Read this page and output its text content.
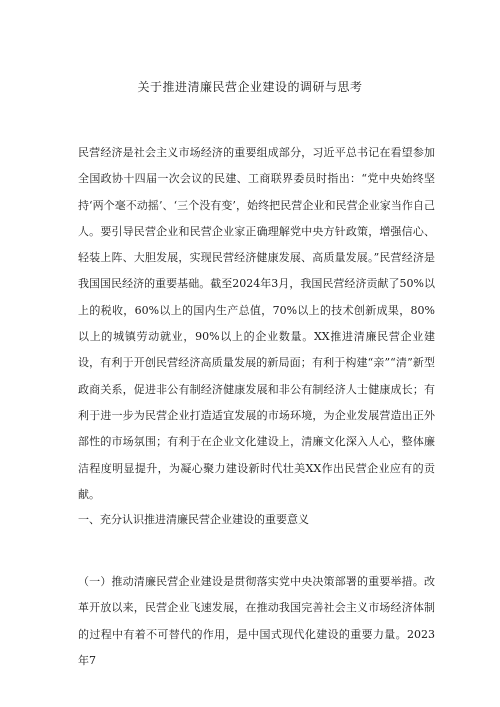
关于推进清廉民营企业建设的调研与思考

民营经济是社会主义市场经济的重要组成部分，习近平总书记在看望参加全国政协十四届一次会议的民建、工商联界委员时指出：“党中央始终坚持‘两个毫不动摇’、‘三个没有变’，始终把民营企业和民营企业家当作自己人。要引导民营企业和民营企业家正确理解党中央方针政策，增强信心、轻装上阵、大胆发展，实现民营经济健康发展、高质量发展。”民营经济是我国国民经济的重要基础。截至2024年3月，我国民营经济贡献了50%以上的税收，60%以上的国内生产总值，70%以上的技术创新成果，80%以上的城镇劳动就业，90%以上的企业数量。XX推进清廉民营企业建设，有利于开创民营经济高质量发展的新局面；有利于构建“亲”“清”新型政商关系，促进非公有制经济健康发展和非公有制经济人士健康成长；有利于进一步为民营企业打造适宜发展的市场环境，为企业发展营造出正外部性的市场氛围；有利于在企业文化建设上，清廉文化深入人心，整体廉洁程度明显提升，为凝心聚力建设新时代壮美XX作出民营企业应有的贡献。

一、充分认识推进清廉民营企业建设的重要意义

（一）推动清廉民营企业建设是贯彻落实党中央决策部署的重要举措。改革开放以来，民营企业飞速发展，在推动我国完善社会主义市场经济体制的过程中有着不可替代的作用，是中国式现代化建设的重要力量。2023年7
